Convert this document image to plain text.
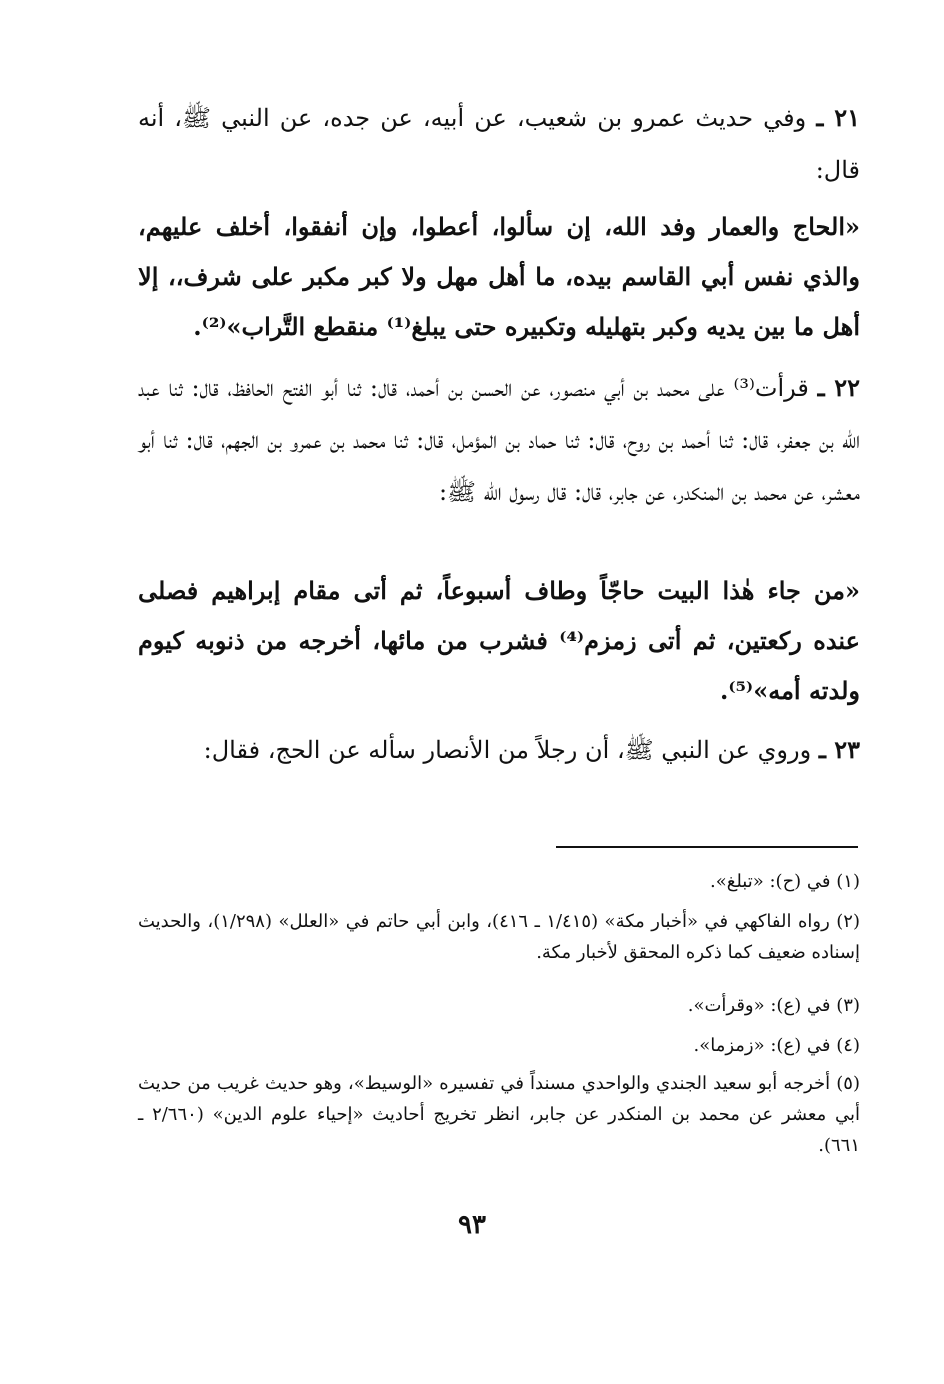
٢١ ـ وفي حديث عمرو بن شعيب، عن أبيه، عن جده، عن النبي ﷺ، أنه قال:

«الحاج والعمار وفد الله، إن سألوا، أعطوا، وإن أنفقوا، أخلف عليهم، والذي نفس أبي القاسم بيده، ما أهل مهل ولا كبر مكبر على شرف،، إلا أهل ما بين يديه وكبر بتهليله وتكبيره حتى يبلغ⁽¹⁾ منقطع التَّراب»⁽²⁾.

٢٢ ـ قرأت⁽³⁾ على محمد بن أبي منصور، عن الحسن بن أحمد، قال: ثنا أبو الفتح الحافظ، قال: ثنا عبد الله بن جعفر، قال: ثنا أحمد بن روح، قال: ثنا حماد بن المؤمل، قال: ثنا محمد بن عمرو بن الجهم، قال: ثنا أبو معشر، عن محمد بن المنكدر، عن جابر، قال: قال رسول الله ﷺ:

«من جاء هٰذا البيت حاجّاً وطاف أسبوعاً، ثم أتى مقام إبراهيم فصلى عنده ركعتين، ثم أتى زمزم⁽⁴⁾ فشرب من مائها، أخرجه من ذنوبه كيوم ولدته أمه»⁽⁵⁾.

٢٣ ـ وروي عن النبي ﷺ، أن رجلاً من الأنصار سأله عن الحج، فقال:

(١) في (ح): «تبلغ».

(٢) رواه الفاكهي في «أخبار مكة» (١/٤١٥ ـ ٤١٦)، وابن أبي حاتم في «العلل» (١/٢٩٨)، والحديث إسناده ضعيف كما ذكره المحقق لأخبار مكة.

(٣) في (ع): «وقرأت».

(٤) في (ع): «زمزما».

(٥) أخرجه أبو سعيد الجندي والواحدي مسنداً في تفسيره «الوسيط»، وهو حديث غريب من حديث أبي معشر عن محمد بن المنكدر عن جابر، انظر تخريج أحاديث «إحياء علوم الدين» (٢/٦٦٠ ـ ٦٦١).

٩٣
